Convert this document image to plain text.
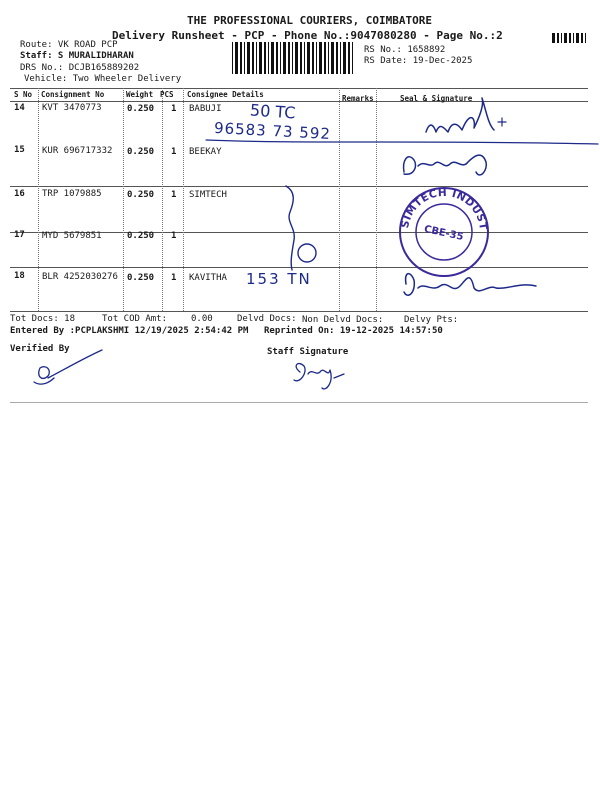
THE PROFESSIONAL COURIERS, COIMBATORE
Delivery Runsheet - PCP - Phone No.:9047080280 - Page No.:2
Route: VK ROAD PCP
Staff: S MURALIDHARAN
DRS No.: DCJB165889202
Vehicle: Two Wheeler Delivery
RS No.: 1658892
RS Date: 19-Dec-2025
S No Consignment No	Weight PCS Consignee Details	Remarks	Seal & Signature
14 KVT 3470773	0.250 1 BABUJI
15 KUR 696717332 0.250 1 BEEKAY
16 TRP 1079885	0.250 1 SIMTECH
17 MYD 5679851	0.250 1
18 BLR 4252030276 0.250 1 KAVITHA
50 TC
96583 73 592
153 TN
SIMTECH INDUSTRIES
CBE-35
Tot Docs: 18	Tot COD Amt:	0.00	Delvd Docs: Non Delvd Docs: Delvy Pts:
Entered By :PCPLAKSHMI 12/19/2025 2:54:42 PM Reprinted On: 19-12-2025 14:57:50
Verified By	Staff Signature
